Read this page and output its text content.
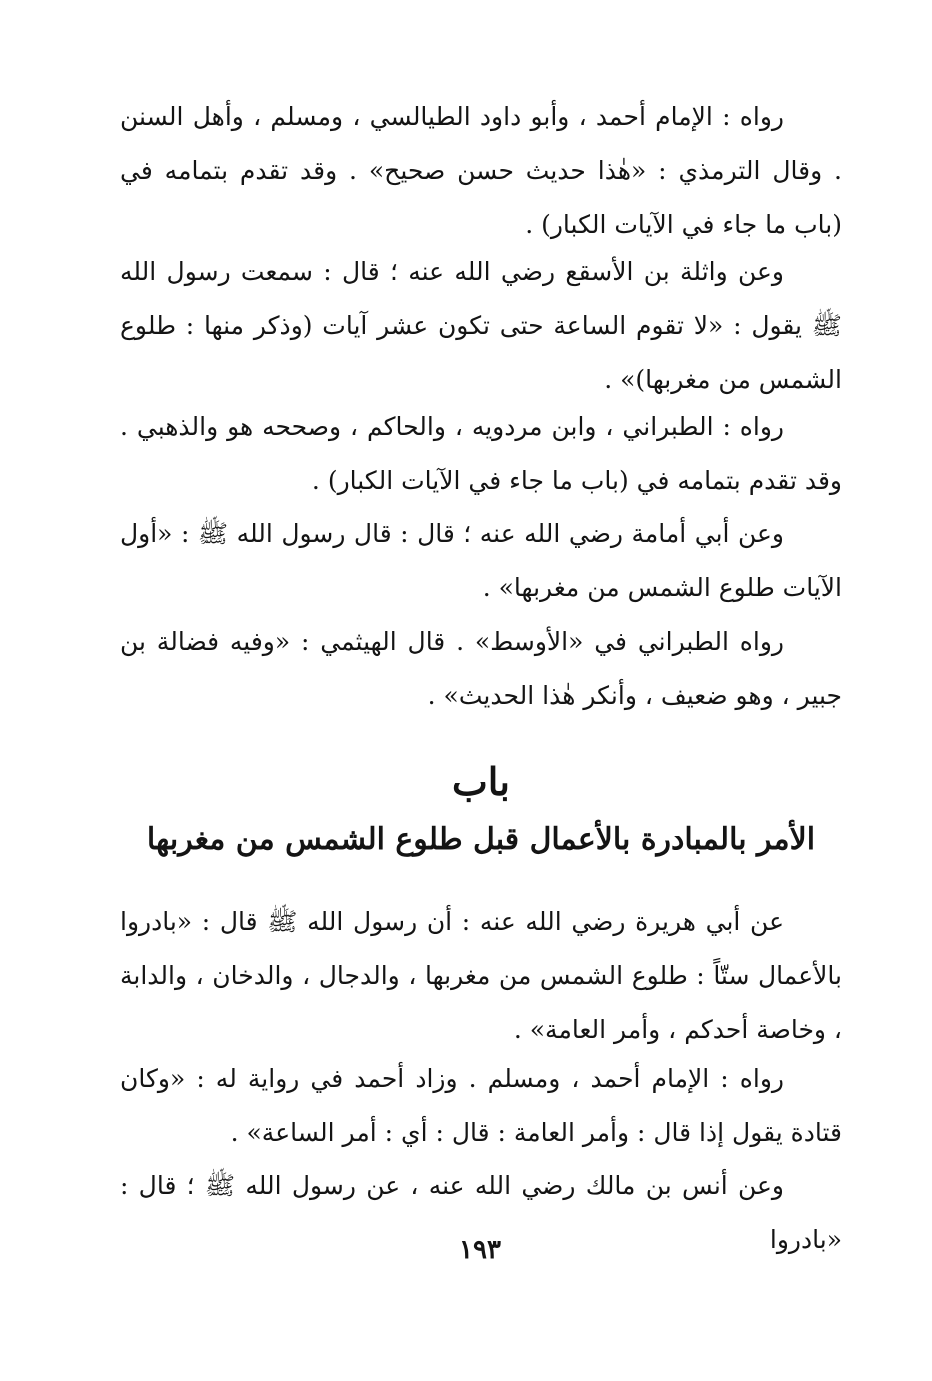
رواه : الإمام أحمد ، وأبو داود الطيالسي ، ومسلم ، وأهل السنن . وقال الترمذي : «هٰذا حديث حسن صحيح» . وقد تقدم بتمامه في (باب ما جاء في الآيات الكبار) .

وعن واثلة بن الأسقع رضي الله عنه ؛ قال : سمعت رسول الله ﷺ يقول : «لا تقوم الساعة حتى تكون عشر آيات (وذكر منها : طلوع الشمس من مغربها)» .

رواه : الطبراني ، وابن مردويه ، والحاكم ، وصححه هو والذهبي . وقد تقدم بتمامه في (باب ما جاء في الآيات الكبار) .

وعن أبي أمامة رضي الله عنه ؛ قال : قال رسول الله ﷺ : «أول الآيات طلوع الشمس من مغربها» .

رواه الطبراني في «الأوسط» . قال الهيثمي : «وفيه فضالة بن جبير ، وهو ضعيف ، وأنكر هٰذا الحديث» .

باب
الأمر بالمبادرة بالأعمال قبل طلوع الشمس من مغربها

عن أبي هريرة رضي الله عنه : أن رسول الله ﷺ قال : «بادروا بالأعمال ستّاً : طلوع الشمس من مغربها ، والدجال ، والدخان ، والدابة ، وخاصة أحدكم ، وأمر العامة» .

رواه : الإمام أحمد ، ومسلم . وزاد أحمد في رواية له : «وكان قتادة يقول إذا قال : وأمر العامة : قال : أي : أمر الساعة» .

وعن أنس بن مالك رضي الله عنه ، عن رسول الله ﷺ ؛ قال : «بادروا

١٩٣
